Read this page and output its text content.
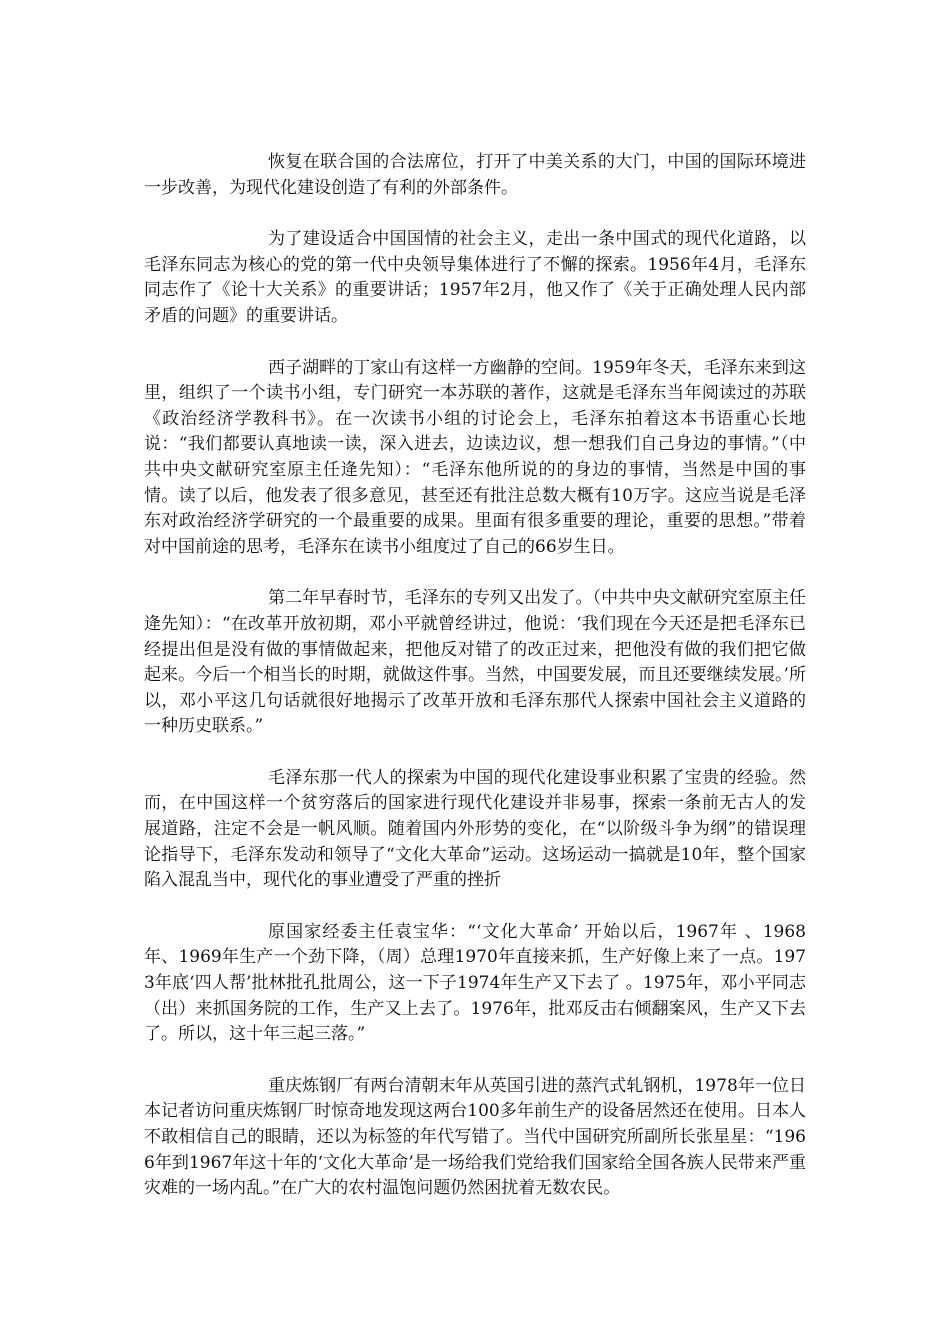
恢复在联合国的合法席位，打开了中美关系的大门，中国的国际环境进一步改善，为现代化建设创造了有利的外部条件。

为了建设适合中国国情的社会主义，走出一条中国式的现代化道路，以毛泽东同志为核心的党的第一代中央领导集体进行了不懈的探索。1956年4月，毛泽东同志作了《论十大关系》的重要讲话；1957年2月，他又作了《关于正确处理人民内部矛盾的问题》的重要讲话。

西子湖畔的丁家山有这样一方幽静的空间。1959年冬天，毛泽东来到这里，组织了一个读书小组，专门研究一本苏联的著作，这就是毛泽东当年阅读过的苏联《政治经济学教科书》。在一次读书小组的讨论会上，毛泽东拍着这本书语重心长地说：“我们都要认真地读一读，深入进去，边读边议，想一想我们自己身边的事情。”（中共中央文献研究室原主任逄先知）：“毛泽东他所说的的身边的事情，当然是中国的事情。读了以后，他发表了很多意见，甚至还有批注总数大概有10万字。这应当说是毛泽东对政治经济学研究的一个最重要的成果。里面有很多重要的理论，重要的思想。”带着对中国前途的思考，毛泽东在读书小组度过了自己的66岁生日。

第二年早春时节，毛泽东的专列又出发了。（中共中央文献研究室原主任逄先知）：“在改革开放初期，邓小平就曾经讲过，他说：‘我们现在今天还是把毛泽东已经提出但是没有做的事情做起来，把他反对错了的改正过来，把他没有做的我们把它做起来。今后一个相当长的时期，就做这件事。当然，中国要发展，而且还要继续发展。’所以，邓小平这几句话就很好地揭示了改革开放和毛泽东那代人探索中国社会主义道路的一种历史联系。”

毛泽东那一代人的探索为中国的现代化建设事业积累了宝贵的经验。然而，在中国这样一个贫穷落后的国家进行现代化建设并非易事，探索一条前无古人的发展道路，注定不会是一帆风顺。随着国内外形势的变化，在“以阶级斗争为纲”的错误理论指导下，毛泽东发动和领导了“文化大革命”运动。这场运动一搞就是10年，整个国家陷入混乱当中，现代化的事业遭受了严重的挫折

原国家经委主任袁宝华：“‘文化大革命’ 开始以后，1967年 、1968年、1969年生产一个劲下降，（周）总理1970年直接来抓，生产好像上来了一点。1973年底‘四人帮’批林批孔批周公，这一下子1974年生产又下去了 。1975年，邓小平同志（出）来抓国务院的工作，生产又上去了。1976年，批邓反击右倾翻案风，生产又下去了。所以，这十年三起三落。”

重庆炼钢厂有两台清朝末年从英国引进的蒸汽式轧钢机，1978年一位日本记者访问重庆炼钢厂时惊奇地发现这两台100多年前生产的设备居然还在使用。日本人不敢相信自己的眼睛，还以为标签的年代写错了。当代中国研究所副所长张星星：“1966年到1967年这十年的‘文化大革命’是一场给我们党给我们国家给全国各族人民带来严重灾难的一场内乱。”在广大的农村温饱问题仍然困扰着无数农民。
